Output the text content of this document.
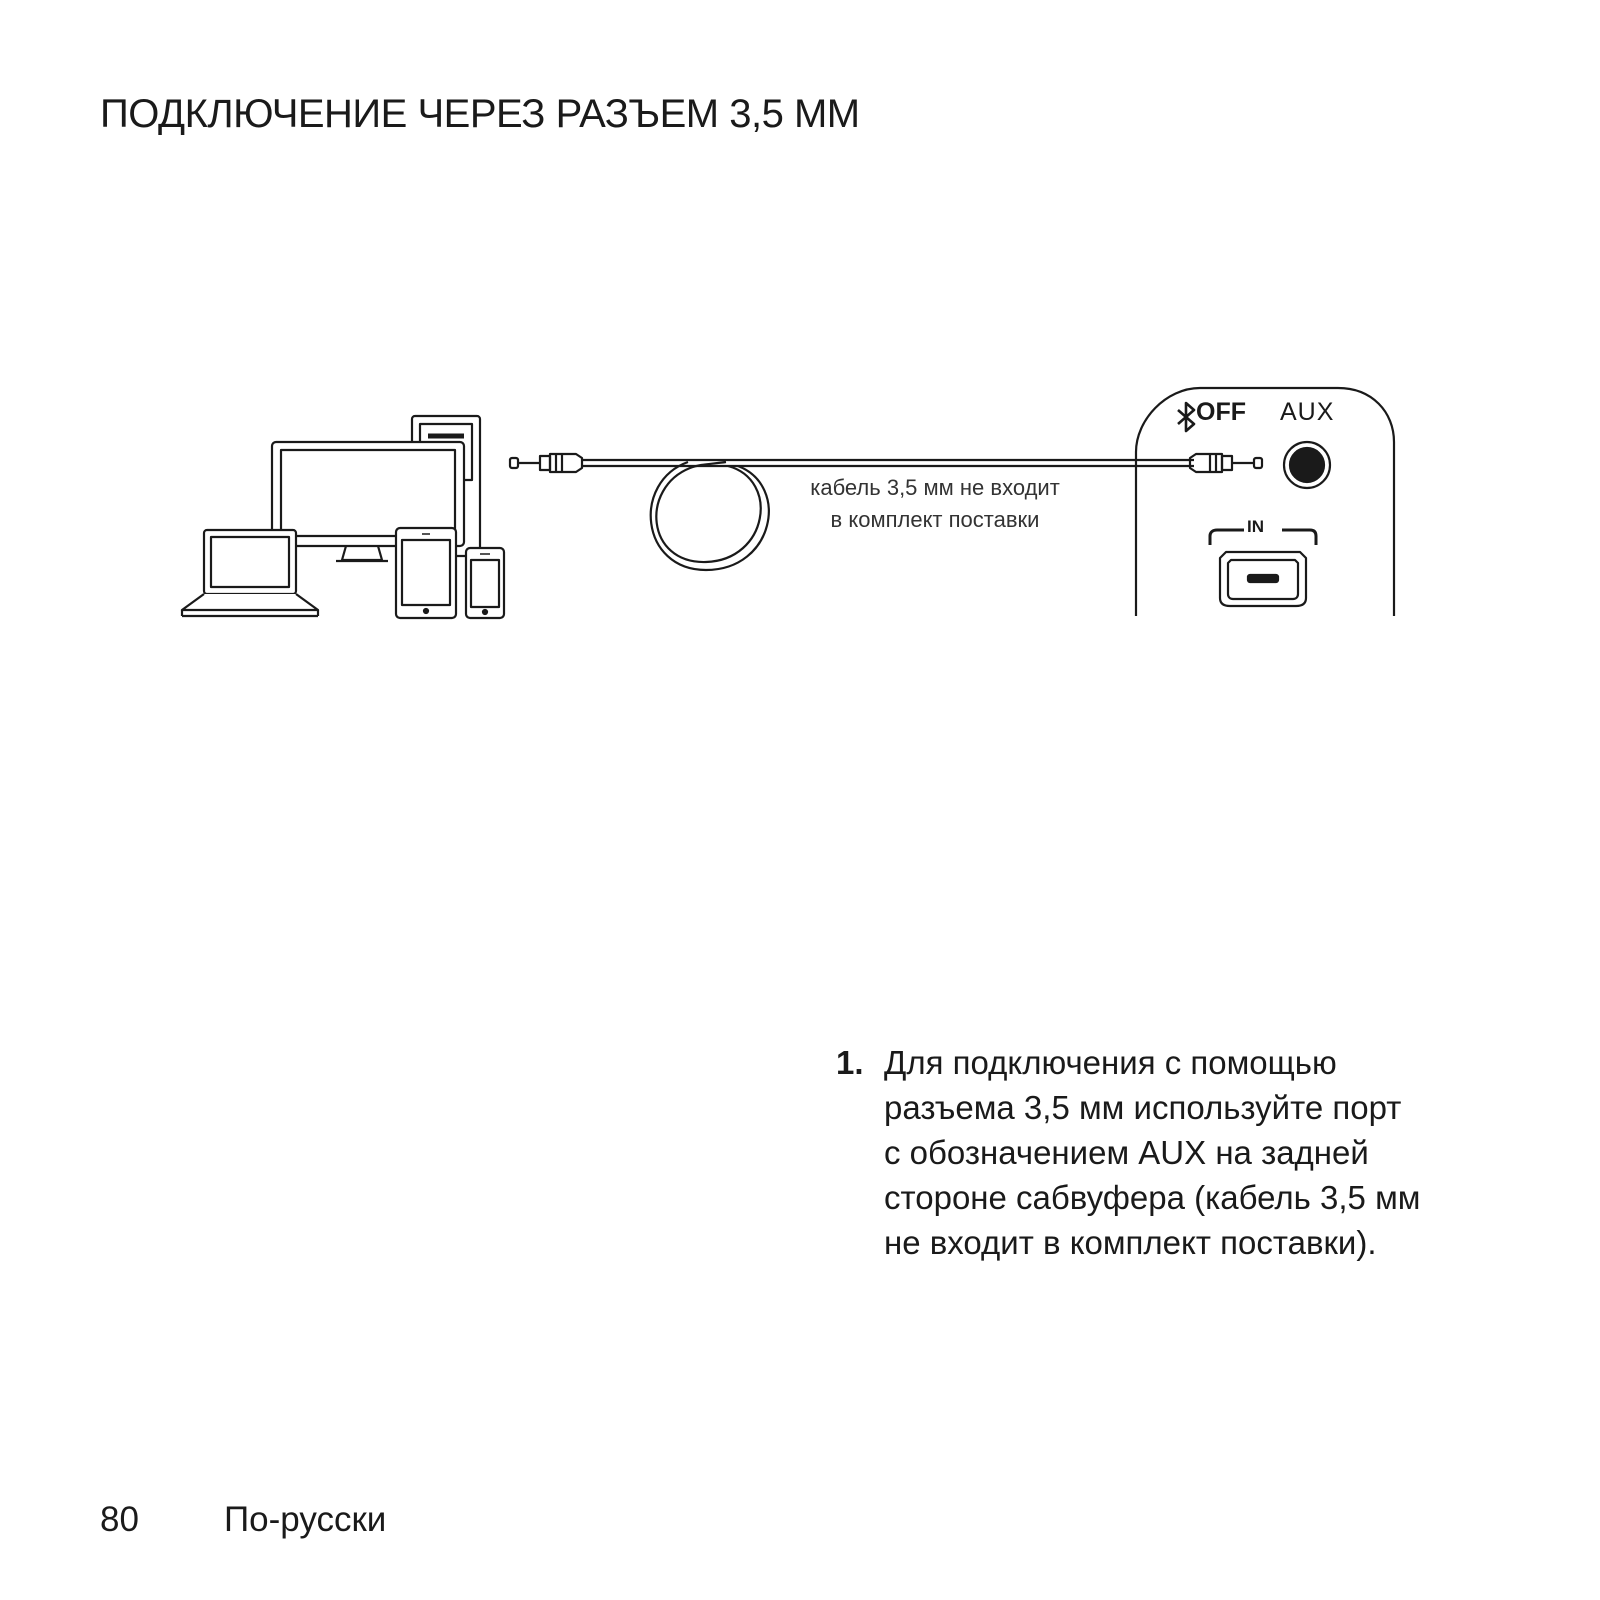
ПОДКЛЮЧЕНИЕ ЧЕРЕЗ РАЗЪЕМ 3,5 ММ
кабель 3,5 мм не входит
в комплект поставки
OFF AUX
IN
1. Для подключения с помощью
разъема 3,5 мм используйте порт
с обозначением AUX на задней
стороне сабвуфера (кабель 3,5 мм
не входит в комплект поставки).
80 По-русски
